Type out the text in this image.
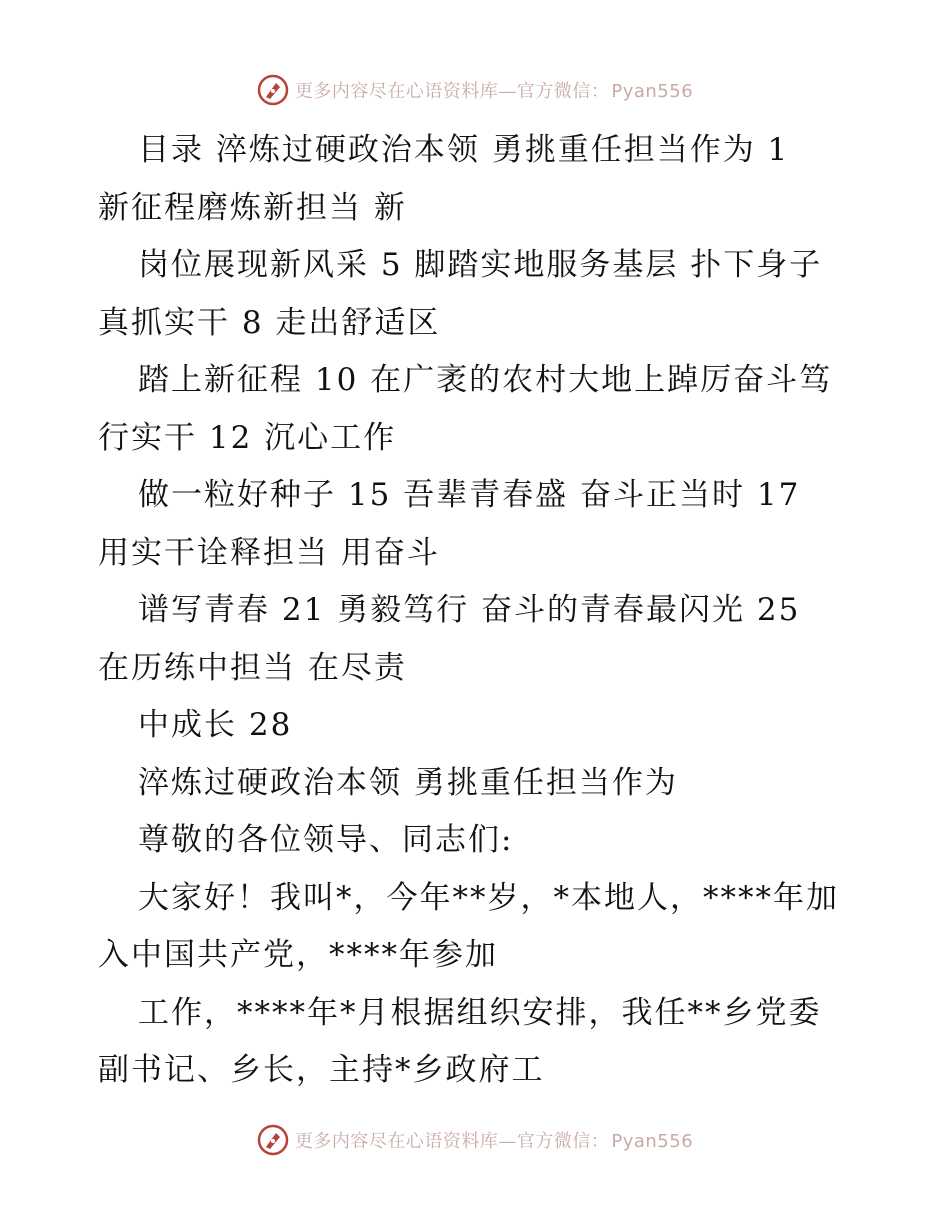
更多内容尽在心语资料库—官方微信： Pyan556
目录 淬炼过硬政治本领 勇挑重任担当作为 1
新征程磨炼新担当 新
岗位展现新风采 5 脚踏实地服务基层 扑下身子
真抓实干 8 走出舒适区
踏上新征程 10 在广袤的农村大地上踔厉奋斗笃
行实干 12 沉心工作
做一粒好种子 15 吾辈青春盛 奋斗正当时 17
用实干诠释担当 用奋斗
谱写青春 21 勇毅笃行 奋斗的青春最闪光 25
在历练中担当 在尽责
中成长 28
淬炼过硬政治本领 勇挑重任担当作为
尊敬的各位领导、同志们:
大家好！我叫*，今年**岁，*本地人，****年加
入中国共产党，****年参加
工作，****年*月根据组织安排，我任**乡党委
副书记、乡长，主持*乡政府工
更多内容尽在心语资料库—官方微信： Pyan556
